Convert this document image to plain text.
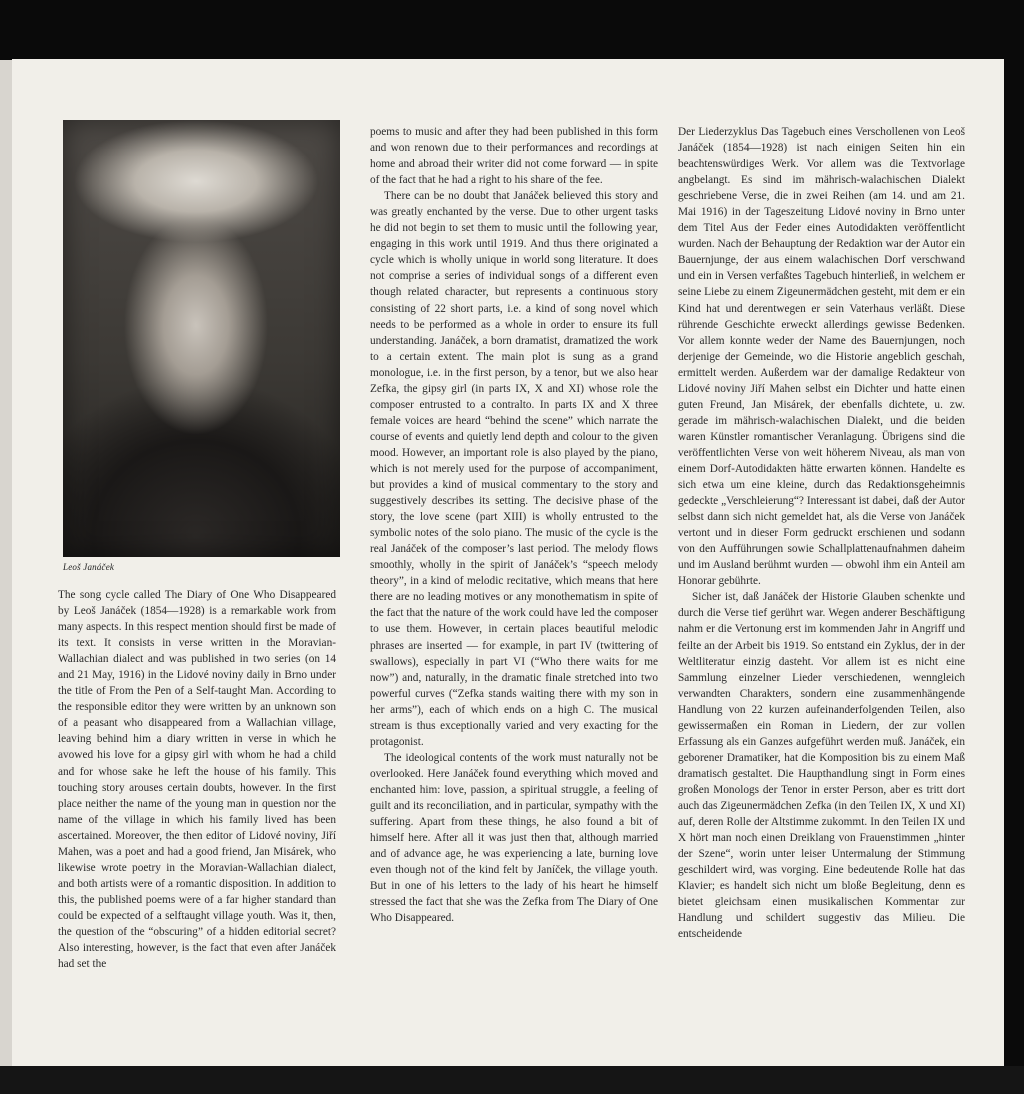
Leoš Janáček

The song cycle called The Diary of One Who Disappeared by Leoš Janáček (1854—1928) is a remarkable work from many aspects. In this respect mention should first be made of its text. It consists in verse written in the Moravian-Wallachian dialect and was published in two series (on 14 and 21 May, 1916) in the Lidové noviny daily in Brno under the title of From the Pen of a Self-taught Man. According to the responsible editor they were written by an unknown son of a peasant who disappeared from a Wallachian village, leaving behind him a diary written in verse in which he avowed his love for a gipsy girl with whom he had a child and for whose sake he left the house of his family. This touching story arouses certain doubts, however. In the first place neither the name of the young man in question nor the name of the village in which his family lived has been ascertained. Moreover, the then editor of Lidové noviny, Jiří Mahen, was a poet and had a good friend, Jan Misárek, who likewise wrote poetry in the Moravian-Wallachian dialect, and both artists were of a romantic disposition. In addition to this, the published poems were of a far higher standard than could be expected of a selftaught village youth. Was it, then, the question of the “obscuring” of a hidden editorial secret? Also interesting, however, is the fact that even after Janáček had set the

poems to music and after they had been published in this form and won renown due to their performances and recordings at home and abroad their writer did not come forward — in spite of the fact that he had a right to his share of the fee.

There can be no doubt that Janáček believed this story and was greatly enchanted by the verse. Due to other urgent tasks he did not begin to set them to music until the following year, engaging in this work until 1919. And thus there originated a cycle which is wholly unique in world song literature. It does not comprise a series of individual songs of a different even though related character, but represents a continuous story consisting of 22 short parts, i.e. a kind of song novel which needs to be performed as a whole in order to ensure its full understanding. Janáček, a born dramatist, dramatized the work to a certain extent. The main plot is sung as a grand monologue, i.e. in the first person, by a tenor, but we also hear Zefka, the gipsy girl (in parts IX, X and XI) whose role the composer entrusted to a contralto. In parts IX and X three female voices are heard “behind the scene” which narrate the course of events and quietly lend depth and colour to the given mood. However, an important role is also played by the piano, which is not merely used for the purpose of accompaniment, but provides a kind of musical commentary to the story and suggestively describes its setting. The decisive phase of the story, the love scene (part XIII) is wholly entrusted to the symbolic notes of the solo piano. The music of the cycle is the real Janáček of the composer’s last period. The melody flows smoothly, wholly in the spirit of Janáček’s “speech melody theory”, in a kind of melodic recitative, which means that here there are no leading motives or any monothematism in spite of the fact that the nature of the work could have led the composer to use them. However, in certain places beautiful melodic phrases are inserted — for example, in part IV (twittering of swallows), especially in part VI (“Who there waits for me now”) and, naturally, in the dramatic finale stretched into two powerful curves (“Zefka stands waiting there with my son in her arms”), each of which ends on a high C. The musical stream is thus exceptionally varied and very exacting for the protagonist.

The ideological contents of the work must naturally not be overlooked. Here Janáček found everything which moved and enchanted him: love, passion, a spiritual struggle, a feeling of guilt and its reconciliation, and in particular, sympathy with the suffering. Apart from these things, he also found a bit of himself here. After all it was just then that, although married and of advance age, he was experiencing a late, burning love even though not of the kind felt by Janíček, the village youth. But in one of his letters to the lady of his heart he himself stressed the fact that she was the Zefka from The Diary of One Who Disappeared.

Der Liederzyklus Das Tagebuch eines Verschollenen von Leoš Janáček (1854—1928) ist nach einigen Seiten hin ein beachtenswürdiges Werk. Vor allem was die Textvorlage angbelangt. Es sind im mährisch-walachischen Dialekt geschriebene Verse, die in zwei Reihen (am 14. und am 21. Mai 1916) in der Tageszeitung Lidové noviny in Brno unter dem Titel Aus der Feder eines Autodidakten veröffentlicht wurden. Nach der Behauptung der Redaktion war der Autor ein Bauernjunge, der aus einem walachischen Dorf verschwand und ein in Versen verfaßtes Tagebuch hinterließ, in welchem er seine Liebe zu einem Zigeunermädchen gesteht, mit dem er ein Kind hat und derentwegen er sein Vaterhaus verläßt. Diese rührende Geschichte erweckt allerdings gewisse Bedenken. Vor allem konnte weder der Name des Bauernjungen, noch derjenige der Gemeinde, wo die Historie angeblich geschah, ermittelt werden. Außerdem war der damalige Redakteur von Lidové noviny Jiří Mahen selbst ein Dichter und hatte einen guten Freund, Jan Misárek, der ebenfalls dichtete, u. zw. gerade im mährisch-walachischen Dialekt, und die beiden waren Künstler romantischer Veranlagung. Übrigens sind die veröffentlichten Verse von weit höherem Niveau, als man von einem Dorf-Autodidakten hätte erwarten können. Handelte es sich etwa um eine kleine, durch das Redaktionsgeheimnis gedeckte „Verschleierung“? Interessant ist dabei, daß der Autor selbst dann sich nicht gemeldet hat, als die Verse von Janáček vertont und in dieser Form gedruckt erschienen und sodann von den Aufführungen sowie Schallplattenaufnahmen daheim und im Ausland berühmt wurden — obwohl ihm ein Anteil am Honorar gebührte.

Sicher ist, daß Janáček der Historie Glauben schenkte und durch die Verse tief gerührt war. Wegen anderer Beschäftigung nahm er die Vertonung erst im kommenden Jahr in Angriff und feilte an der Arbeit bis 1919. So entstand ein Zyklus, der in der Weltliteratur einzig dasteht. Vor allem ist es nicht eine Sammlung einzelner Lieder verschiedenen, wenngleich verwandten Charakters, sondern eine zusammenhängende Handlung von 22 kurzen aufeinanderfolgenden Teilen, also gewissermaßen ein Roman in Liedern, der zur vollen Erfassung als ein Ganzes aufgeführt werden muß. Janáček, ein geborener Dramatiker, hat die Komposition bis zu einem Maß dramatisch gestaltet. Die Haupthandlung singt in Form eines großen Monologs der Tenor in erster Person, aber es tritt dort auch das Zigeunermädchen Zefka (in den Teilen IX, X und XI) auf, deren Rolle der Altstimme zukommt. In den Teilen IX und X hört man noch einen Dreiklang von Frauenstimmen „hinter der Szene“, worin unter leiser Untermalung der Stimmung geschildert wird, was vorging. Eine bedeutende Rolle hat das Klavier; es handelt sich nicht um bloße Begleitung, denn es bietet gleichsam einen musikalischen Kommentar zur Handlung und schildert suggestiv das Milieu. Die entscheidende
